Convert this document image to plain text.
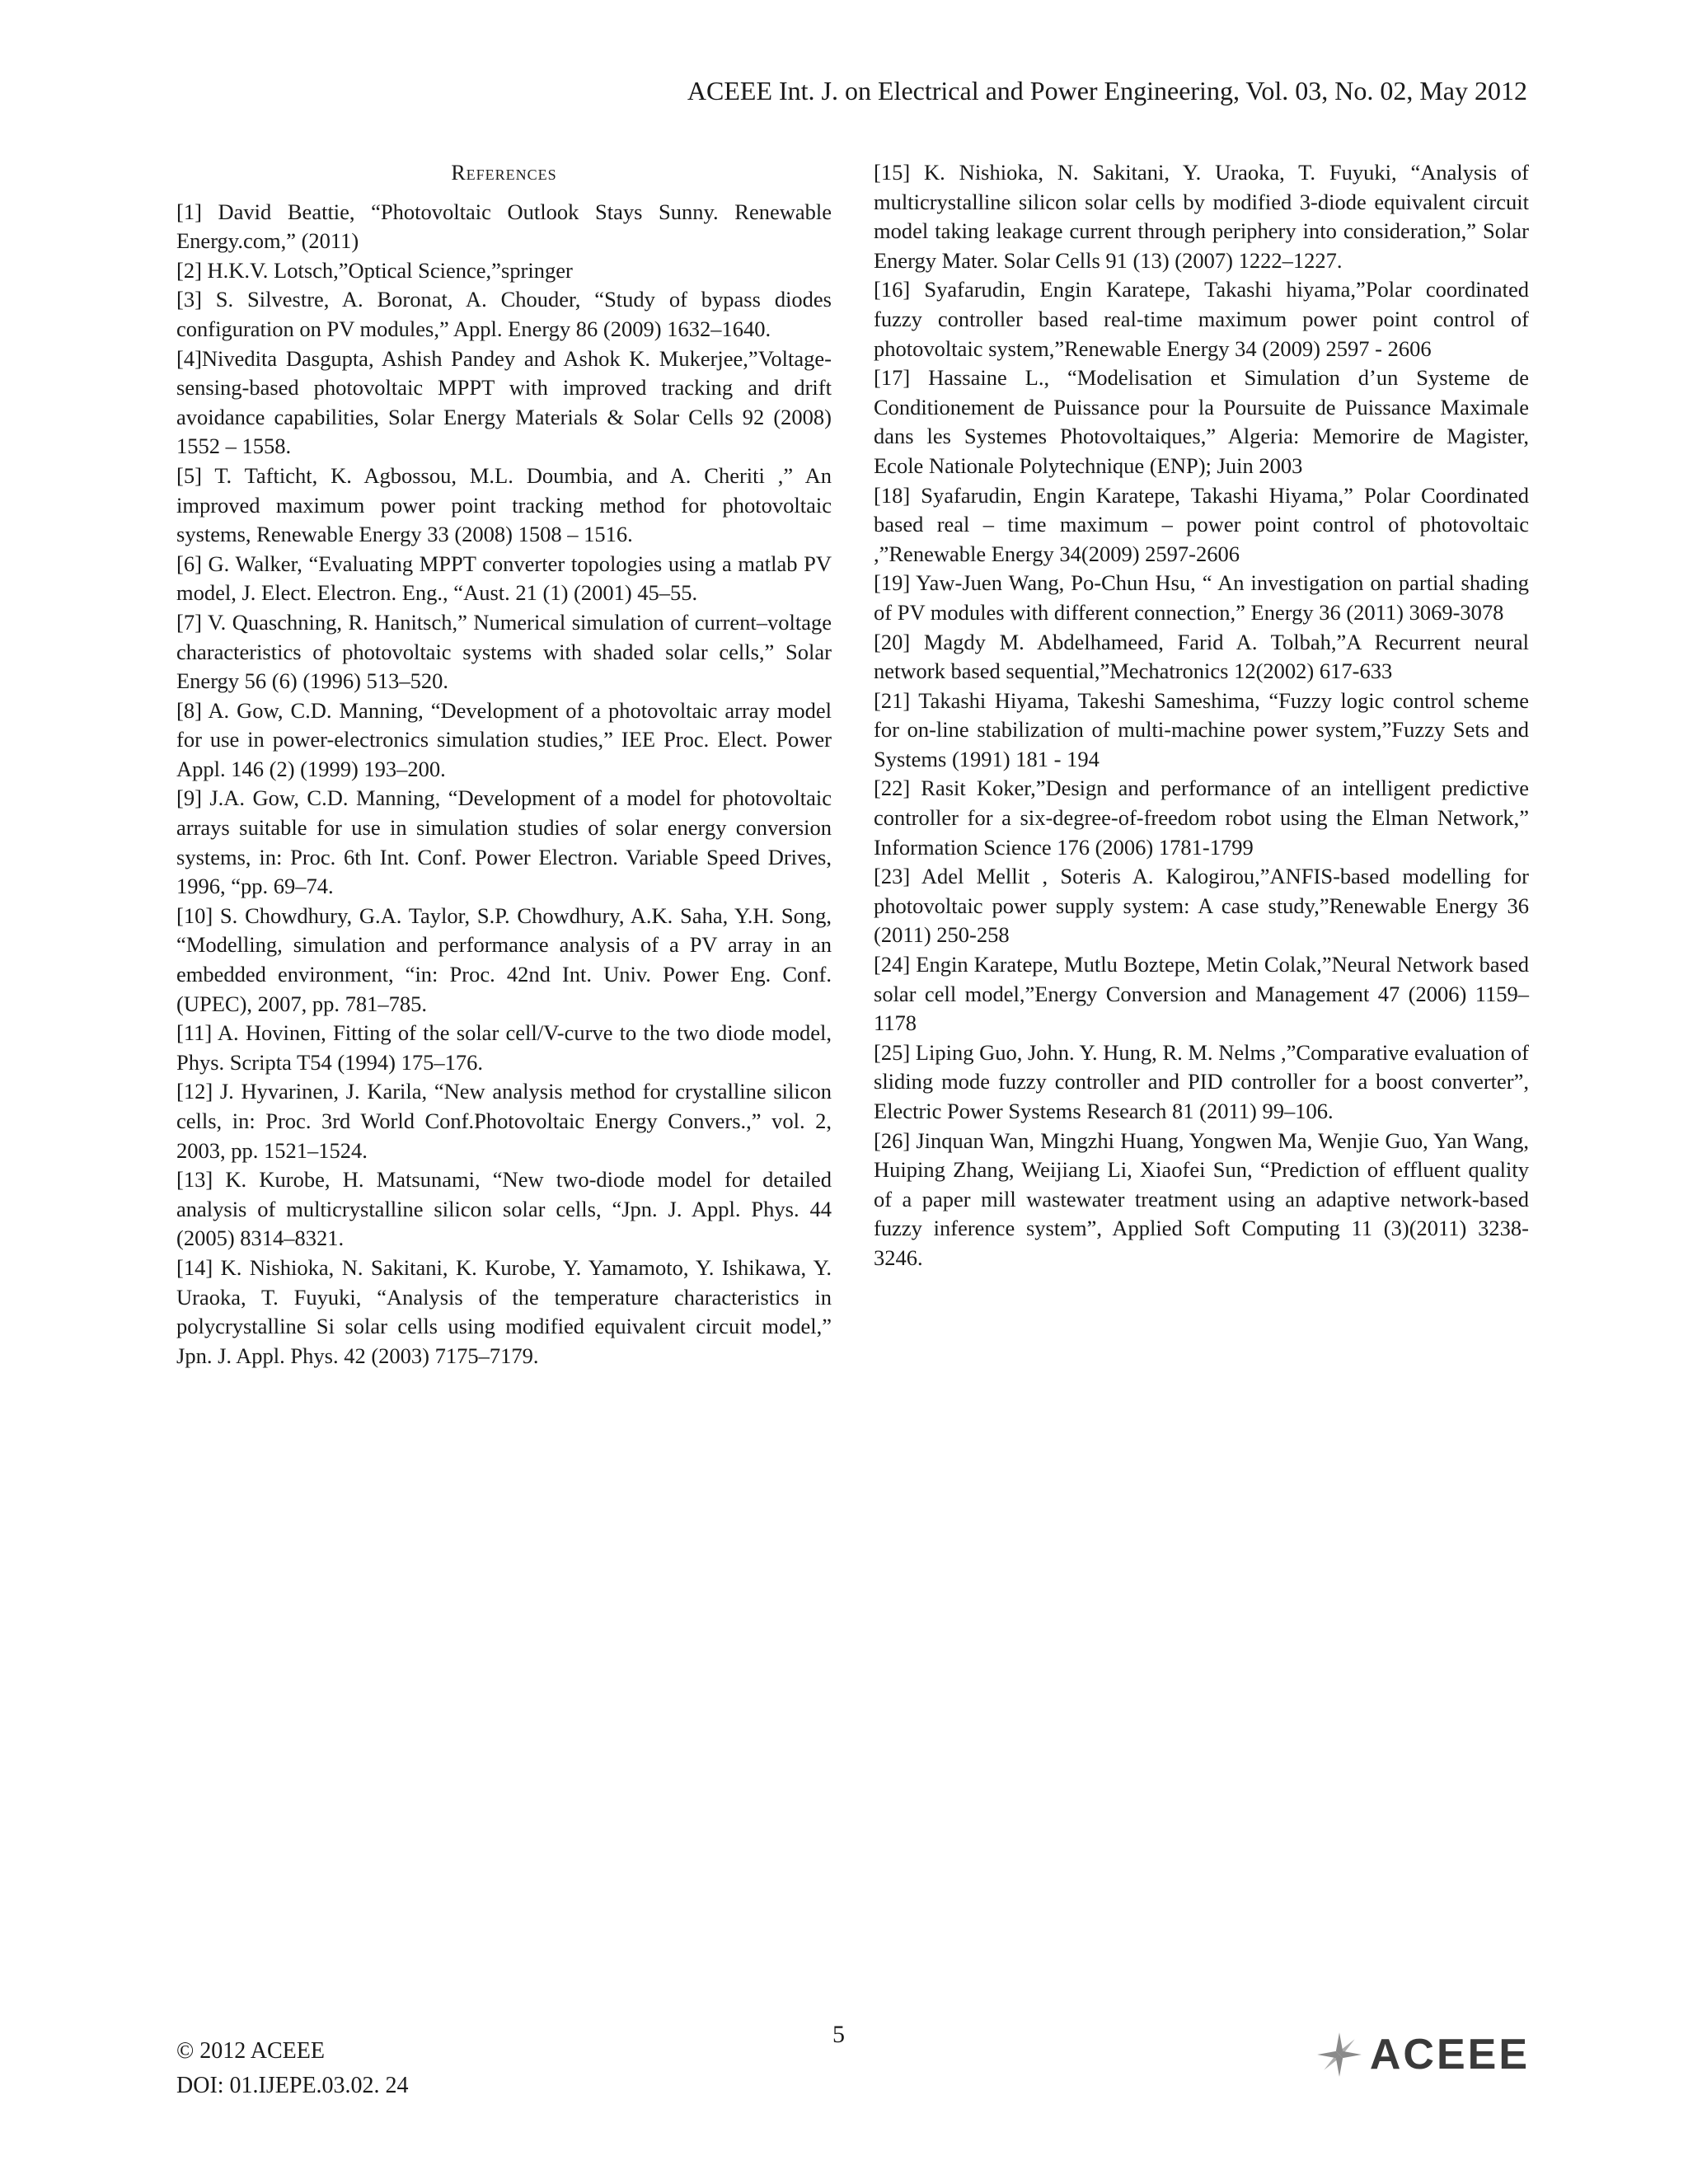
ACEEE Int. J. on Electrical and Power Engineering, Vol. 03, No. 02, May 2012
References

[1] David Beattie, “Photovoltaic Outlook Stays Sunny. Renewable Energy.com,” (2011)

[2] H.K.V. Lotsch,”Optical Science,”springer

[3] S. Silvestre, A. Boronat, A. Chouder, “Study of bypass diodes configuration on PV modules,” Appl. Energy 86 (2009) 1632–1640.

[4]Nivedita Dasgupta, Ashish Pandey and Ashok K. Mukerjee,”Voltage-sensing-based photovoltaic MPPT with improved tracking and drift avoidance capabilities, Solar Energy Materials & Solar Cells 92 (2008) 1552 – 1558.

[5] T. Tafticht, K. Agbossou, M.L. Doumbia, and A. Cheriti ,” An improved maximum power point tracking method for photovoltaic systems, Renewable Energy 33 (2008) 1508 – 1516.

[6] G. Walker, “Evaluating MPPT converter topologies using a matlab PV model, J. Elect. Electron. Eng., “Aust. 21 (1) (2001) 45–55.

[7] V. Quaschning, R. Hanitsch,” Numerical simulation of current–voltage characteristics of photovoltaic systems with shaded solar cells,” Solar Energy 56 (6) (1996) 513–520.

[8] A. Gow, C.D. Manning, “Development of a photovoltaic array model for use in power-electronics simulation studies,” IEE Proc. Elect. Power Appl. 146 (2) (1999) 193–200.

[9] J.A. Gow, C.D. Manning, “Development of a model for photovoltaic arrays suitable for use in simulation studies of solar energy conversion systems, in: Proc. 6th Int. Conf. Power Electron. Variable Speed Drives, 1996, “pp. 69–74.

[10] S. Chowdhury, G.A. Taylor, S.P. Chowdhury, A.K. Saha, Y.H. Song, “Modelling, simulation and performance analysis of a PV array in an embedded environment, “in: Proc. 42nd Int. Univ. Power Eng. Conf. (UPEC), 2007, pp. 781–785.

[11] A. Hovinen, Fitting of the solar cell/V-curve to the two diode model, Phys. Scripta T54 (1994) 175–176.

[12] J. Hyvarinen, J. Karila, “New analysis method for crystalline silicon cells, in: Proc. 3rd World Conf.Photovoltaic Energy Convers.,” vol. 2, 2003, pp. 1521–1524.

[13] K. Kurobe, H. Matsunami, “New two-diode model for detailed analysis of multicrystalline silicon solar cells, “Jpn. J. Appl. Phys. 44 (2005) 8314–8321.

[14] K. Nishioka, N. Sakitani, K. Kurobe, Y. Yamamoto, Y. Ishikawa, Y. Uraoka, T. Fuyuki, “Analysis of the temperature characteristics in polycrystalline Si solar cells using modified equivalent circuit model,” Jpn. J. Appl. Phys. 42 (2003) 7175–7179.

[15] K. Nishioka, N. Sakitani, Y. Uraoka, T. Fuyuki, “Analysis of multicrystalline silicon solar cells by modified 3-diode equivalent circuit model taking leakage current through periphery into consideration,” Solar Energy Mater. Solar Cells 91 (13) (2007) 1222–1227.

[16] Syafarudin, Engin Karatepe, Takashi hiyama,”Polar coordinated fuzzy controller based real-time maximum power point control of photovoltaic system,”Renewable Energy 34 (2009) 2597 - 2606

[17] Hassaine L., “Modelisation et Simulation d’un Systeme de Conditionement de Puissance pour la Poursuite de Puissance Maximale dans les Systemes Photovoltaiques,” Algeria: Memorire de Magister, Ecole Nationale Polytechnique (ENP); Juin 2003

[18] Syafarudin, Engin Karatepe, Takashi Hiyama,” Polar Coordinated based real – time maximum – power point control of photovoltaic ,”Renewable Energy 34(2009) 2597-2606

[19] Yaw-Juen Wang, Po-Chun Hsu, “ An investigation on partial shading of PV modules with different connection,” Energy 36 (2011) 3069-3078

[20] Magdy M. Abdelhameed, Farid A. Tolbah,”A Recurrent neural network based sequential,”Mechatronics 12(2002) 617-633

[21] Takashi Hiyama, Takeshi Sameshima, “Fuzzy logic control scheme for on-line stabilization of multi-machine power system,”Fuzzy Sets and Systems (1991) 181 - 194

[22] Rasit Koker,”Design and performance of an intelligent predictive controller for a six-degree-of-freedom robot using the Elman Network,” Information Science 176 (2006) 1781-1799

[23] Adel Mellit , Soteris A. Kalogirou,”ANFIS-based modelling for photovoltaic power supply system: A case study,”Renewable Energy 36 (2011) 250-258

[24] Engin Karatepe, Mutlu Boztepe, Metin Colak,”Neural Network based solar cell model,”Energy Conversion and Management 47 (2006) 1159–1178

[25] Liping Guo, John. Y. Hung, R. M. Nelms ,”Comparative evaluation of sliding mode fuzzy controller and PID controller for a boost converter”, Electric Power Systems Research 81 (2011) 99–106.

[26] Jinquan Wan, Mingzhi Huang, Yongwen Ma, Wenjie Guo, Yan Wang, Huiping Zhang, Weijiang Li, Xiaofei Sun, “Prediction of effluent quality of a paper mill wastewater treatment using an adaptive network-based fuzzy inference system”, Applied Soft Computing 11 (3)(2011) 3238-3246.

© 2012 ACEEE
DOI: 01.IJEPE.03.02. 24
5	ACEEE
